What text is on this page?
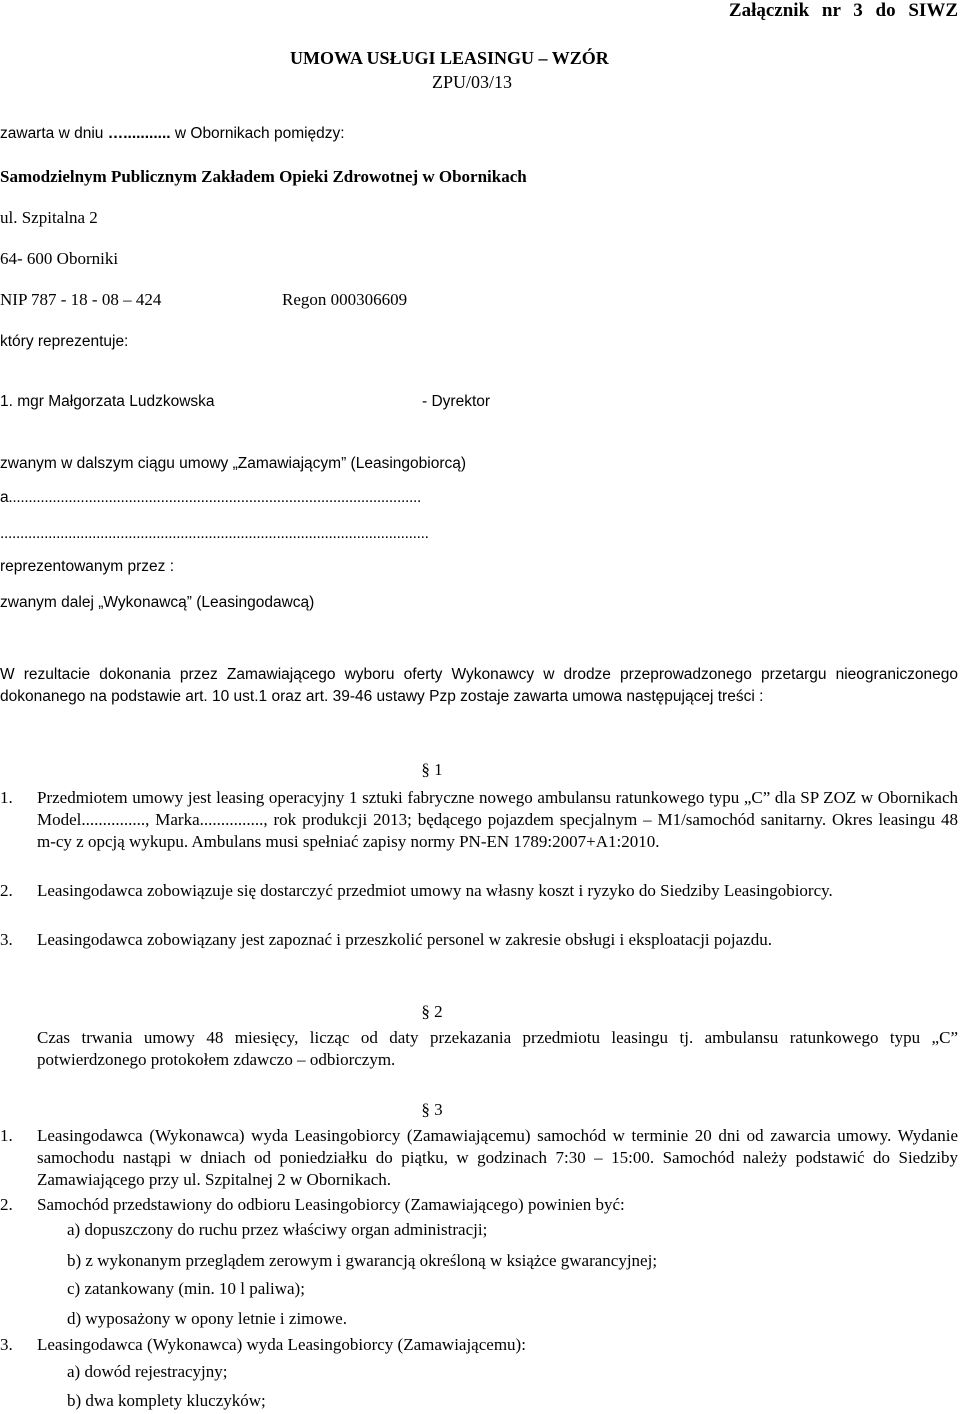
Załącznik nr 3 do SIWZ
UMOWA USŁUGI LEASINGU – WZÓR
ZPU/03/13
zawarta w dniu …........... w Obornikach pomiędzy:
Samodzielnym Publicznym Zakładem Opieki Zdrowotnej w Obornikach
ul. Szpitalna 2
64- 600 Oborniki
NIP 787 - 18 - 08 – 424	Regon 000306609
który reprezentuje:
1. mgr Małgorzata Ludzkowska	- Dyrektor
zwanym w dalszym ciągu umowy „Zamawiającym” (Leasingobiorcą)
a.......................................................................................................
...........................................................................................................
reprezentowanym przez :
zwanym dalej „Wykonawcą” (Leasingodawcą)
W rezultacie dokonania przez Zamawiającego wyboru oferty Wykonawcy w drodze przeprowadzonego przetargu nieograniczonego dokonanego na podstawie art. 10 ust.1 oraz art. 39-46 ustawy Pzp zostaje zawarta umowa następującej treści :
§ 1
1. Przedmiotem umowy jest leasing operacyjny 1 sztuki fabryczne nowego ambulansu ratunkowego typu „C” dla SP ZOZ w Obornikach Model..............., Marka..............., rok produkcji 2013; będącego pojazdem specjalnym – M1/samochód sanitarny. Okres leasingu 48 m-cy z opcją wykupu. Ambulans musi spełniać zapisy normy PN-EN 1789:2007+A1:2010.
2. Leasingodawca zobowiązuje się dostarczyć przedmiot umowy na własny koszt i ryzyko do Siedziby Leasingobiorcy.
3. Leasingodawca zobowiązany jest zapoznać i przeszkolić personel w zakresie obsługi i eksploatacji pojazdu.
§ 2
Czas trwania umowy 48 miesięcy, licząc od daty przekazania przedmiotu leasingu tj. ambulansu ratunkowego typu „C” potwierdzonego protokołem zdawczo – odbiorczym.
§ 3
1. Leasingodawca (Wykonawca) wyda Leasingobiorcy (Zamawiającemu) samochód w terminie 20 dni od zawarcia umowy. Wydanie samochodu nastąpi w dniach od poniedziałku do piątku, w godzinach 7:30 – 15:00. Samochód należy podstawić do Siedziby Zamawiającego przy ul. Szpitalnej 2 w Obornikach.
2. Samochód przedstawiony do odbioru Leasingobiorcy (Zamawiającego) powinien być:
a) dopuszczony do ruchu przez właściwy organ administracji;
b) z wykonanym przeglądem zerowym i gwarancją określoną w książce gwarancyjnej;
c) zatankowany (min. 10 l paliwa);
d) wyposażony w opony letnie i zimowe.
3. Leasingodawca (Wykonawca) wyda Leasingobiorcy (Zamawiającemu):
a) dowód rejestracyjny;
b) dwa komplety kluczyków;
